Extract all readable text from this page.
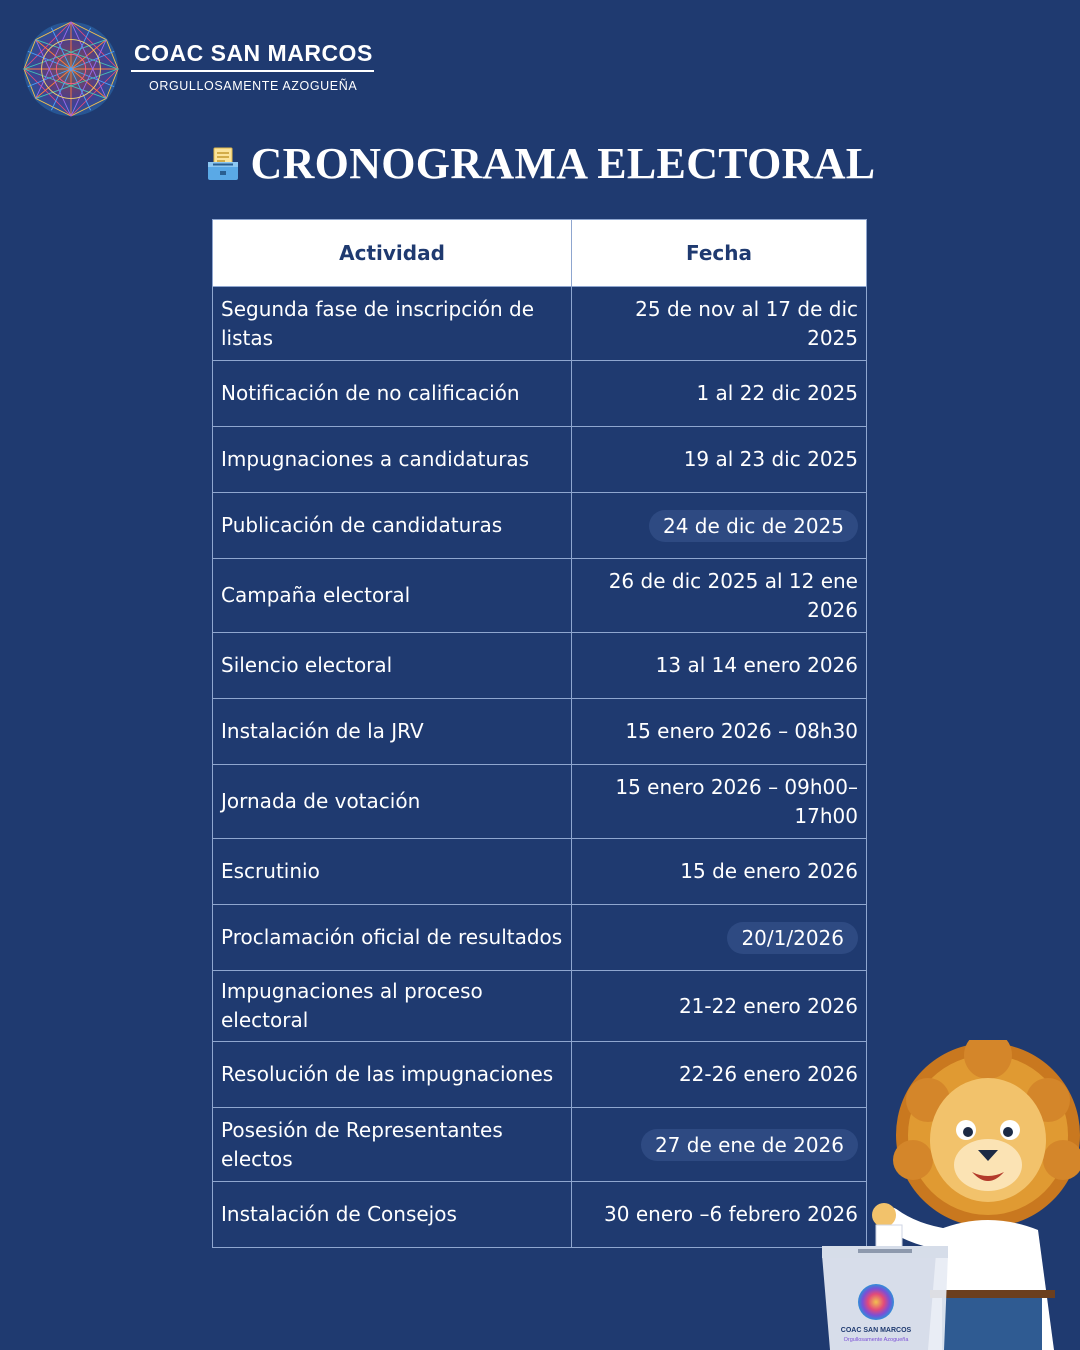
COAC SAN MARCOS
ORGULLOSAMENTE AZOGUEÑA
CRONOGRAMA ELECTORAL
Actividad	Fecha
Segunda fase de inscripción de listas	25 de nov al 17 de dic 2025
Notificación de no calificación	1 al 22 dic 2025
Impugnaciones a candidaturas	19 al 23 dic 2025
Publicación de candidaturas	24 de dic de 2025
Campaña electoral	26 de dic 2025 al 12 ene 2026
Silencio electoral	13 al 14 enero 2026
Instalación de la JRV	15 enero 2026 – 08h30
Jornada de votación	15 enero 2026 – 09h00– 17h00
Escrutinio	15 de enero 2026
Proclamación oficial de resultados	20/1/2026
Impugnaciones al proceso electoral	21-22 enero 2026
Resolución de las impugnaciones	22-26 enero 2026
Posesión de Representantes electos	27 de ene de 2026
Instalación de Consejos	30 enero –6 febrero 2026
COAC SAN MARCOS
Orgullosamente Azogueña
